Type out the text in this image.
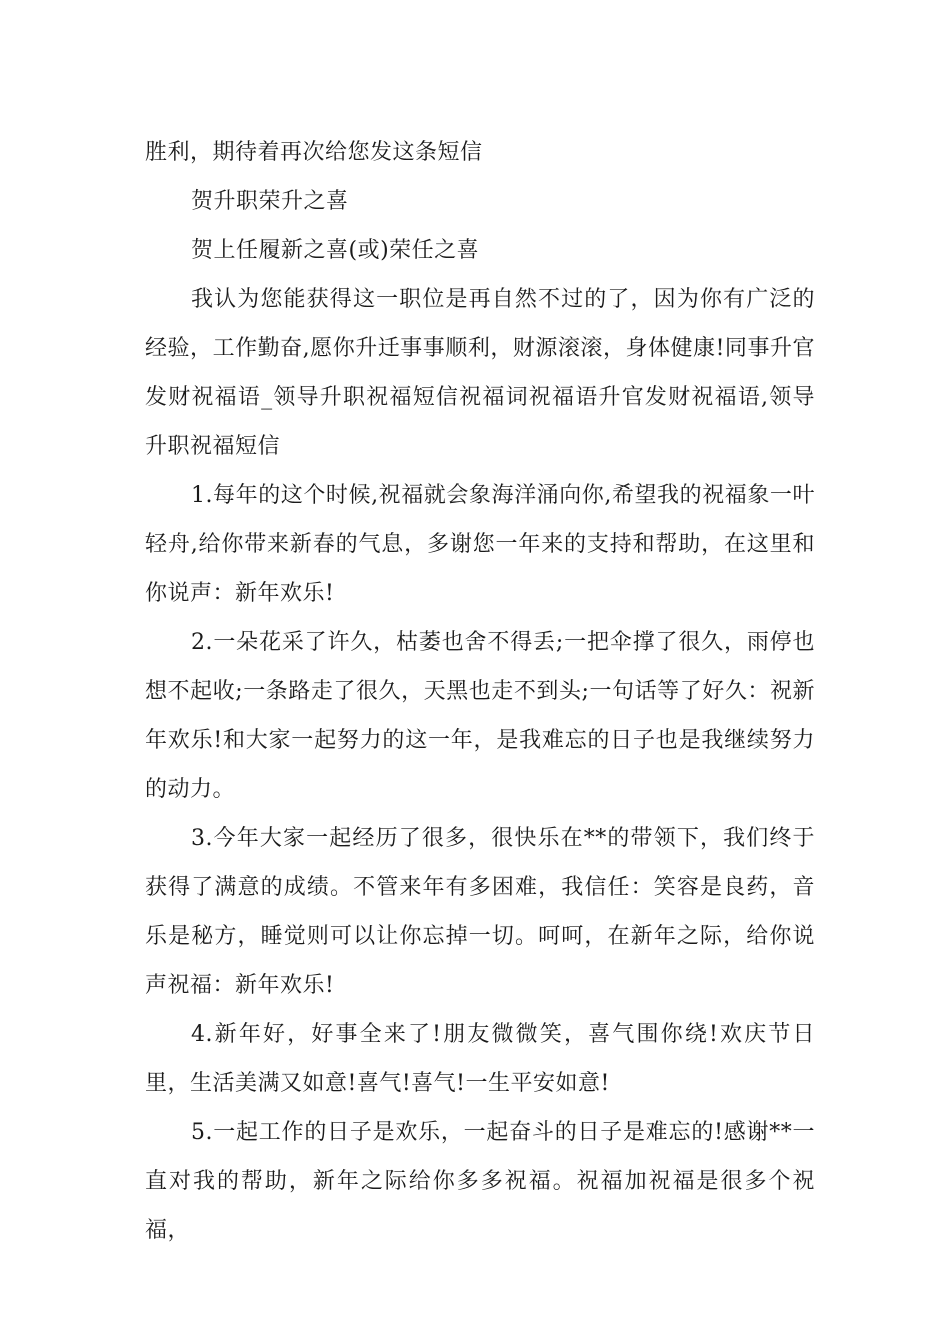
胜利，期待着再次给您发这条短信

贺升职荣升之喜

贺上任履新之喜(或)荣任之喜

我认为您能获得这一职位是再自然不过的了，因为你有广泛的经验，工作勤奋,愿你升迁事事顺利，财源滚滚，身体健康!同事升官发财祝福语_领导升职祝福短信祝福词祝福语升官发财祝福语,领导升职祝福短信

1.每年的这个时候,祝福就会象海洋涌向你,希望我的祝福象一叶轻舟,给你带来新春的气息，多谢您一年来的支持和帮助，在这里和你说声：新年欢乐!

2.一朵花采了许久，枯萎也舍不得丢;一把伞撑了很久，雨停也想不起收;一条路走了很久，天黑也走不到头;一句话等了好久：祝新年欢乐!和大家一起努力的这一年，是我难忘的日子也是我继续努力的动力。

3.今年大家一起经历了很多，很快乐在**的带领下，我们终于获得了满意的成绩。不管来年有多困难，我信任：笑容是良药，音乐是秘方，睡觉则可以让你忘掉一切。呵呵，在新年之际，给你说声祝福：新年欢乐!

4.新年好，好事全来了!朋友微微笑，喜气围你绕!欢庆节日里，生活美满又如意!喜气!喜气!一生平安如意!

5.一起工作的日子是欢乐，一起奋斗的日子是难忘的!感谢**一直对我的帮助，新年之际给你多多祝福。祝福加祝福是很多个祝福，
